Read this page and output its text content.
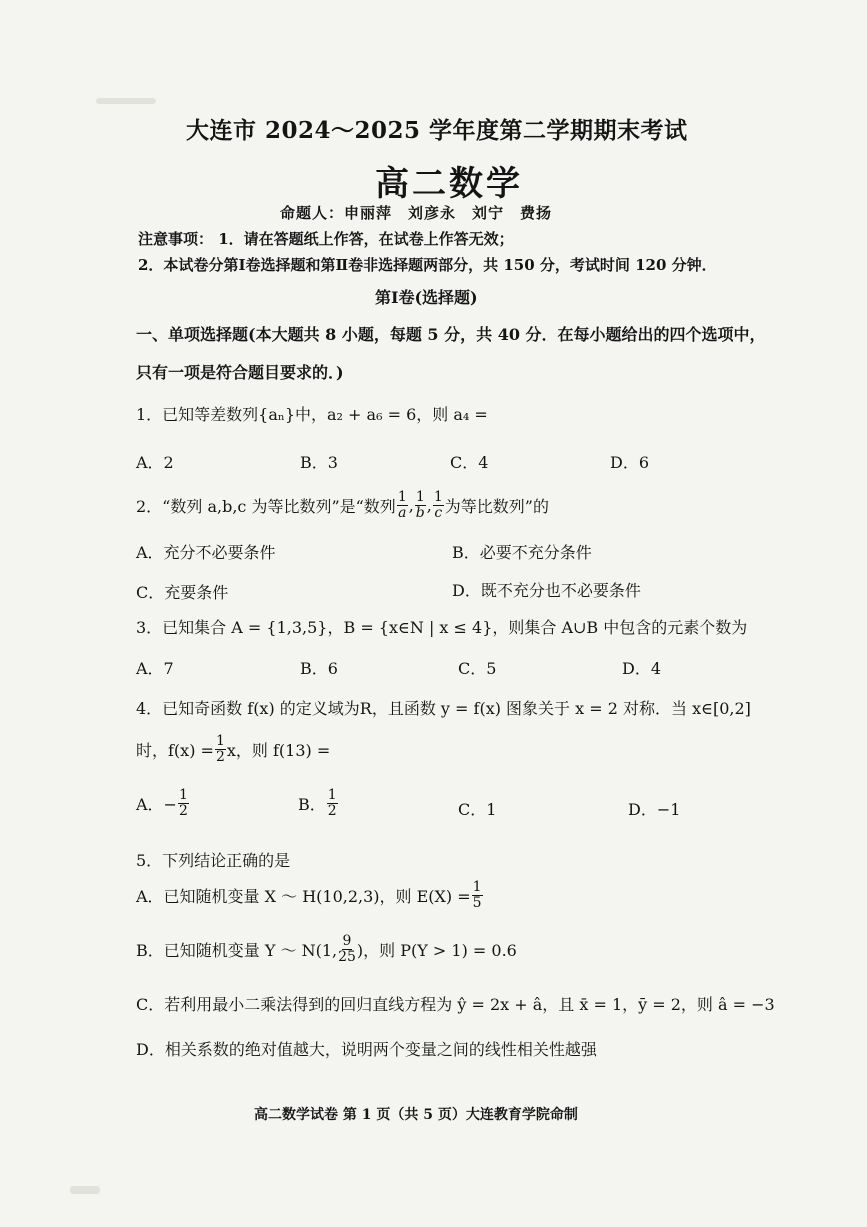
大连市 2024～2025 学年度第二学期期末考试
高二数学
命题人：申丽萍　刘彦永　刘宁　费扬
注意事项： 1．请在答题纸上作答，在试卷上作答无效；
2．本试卷分第Ⅰ卷选择题和第Ⅱ卷非选择题两部分，共 150 分，考试时间 120 分钟．
第Ⅰ卷(选择题)
一、单项选择题(本大题共 8 小题，每题 5 分，共 40 分．在每小题给出的四个选项中，
只有一项是符合题目要求的．)
1．已知等差数列{aₙ}中，a₂ + a₆ = 6，则 a₄ =
A．2	B．3	C．4	D．6
2．“数列 a,b,c 为等比数列”是“数列 $\frac{1}{a}$ , $\frac{1}{b}$ , $\frac{1}{c}$ 为等比数列”的
A．充分不必要条件	B．必要不充分条件
C．充要条件	D．既不充分也不必要条件
3．已知集合 A = {1,3,5}，B = {x∈N | x ≤ 4}，则集合 A∪B 中包含的元素个数为
A．7	B．6	C．5	D．4
4．已知奇函数 f(x) 的定义域为R，且函数 y = f(x) 图象关于 x = 2 对称．当 x∈[0,2]
时，$f(x) = \frac{1}{2}$ x，则 f(13) =
A．− $\frac{1}{2}$	B． $\frac{1}{2}$	C．1	D．−1
5．下列结论正确的是
A．已知随机变量 X ～ H(10,2,3)，则 $E(X) = \frac{1}{5}$
B．已知随机变量 Y ～ N(1, $\frac{9}{25}$ )，则 P(Y > 1) = 0.6
C．若利用最小二乘法得到的回归直线方程为 ŷ = 2x + â，且 x̄ = 1，ȳ = 2，则 â = −3
D．相关系数的绝对值越大，说明两个变量之间的线性相关性越强
高二数学试卷 第 1 页（共 5 页）大连教育学院命制
